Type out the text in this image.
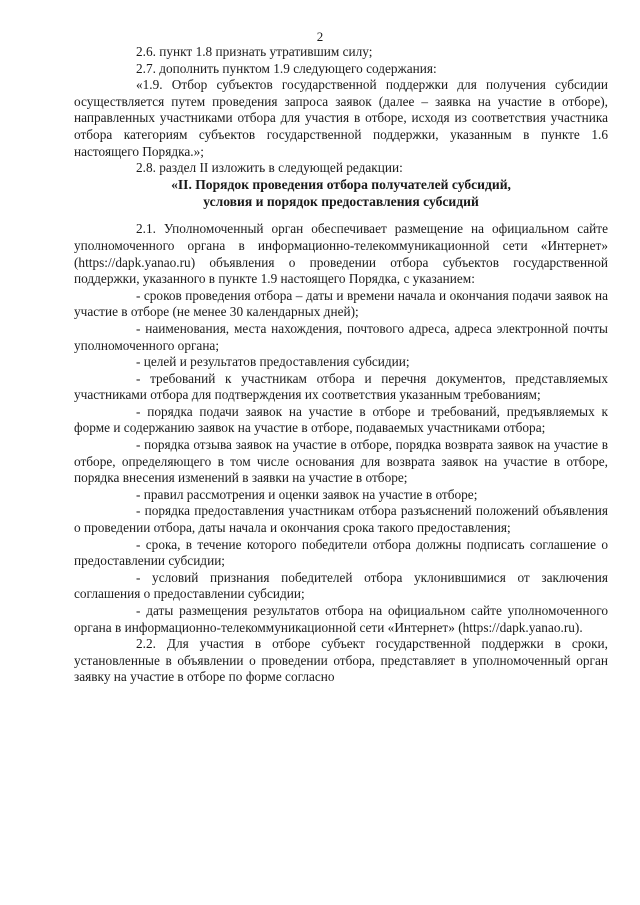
2

2.6. пункт 1.8 признать утратившим силу;

2.7. дополнить пунктом 1.9 следующего содержания:

«1.9. Отбор субъектов государственной поддержки для получения субсидии осуществляется путем проведения запроса заявок (далее – заявка на участие в отборе), направленных участниками отбора для участия в отборе, исходя из соответствия участника отбора категориям субъектов государственной поддержки, указанным в пункте 1.6 настоящего Порядка.»;

2.8. раздел II изложить в следующей редакции:

«II. Порядок проведения отбора получателей субсидий,

условия и порядок предоставления субсидий

2.1. Уполномоченный орган обеспечивает размещение на официальном сайте уполномоченного органа в информационно-телекоммуникационной сети «Интернет» (https://dapk.yanao.ru) объявления о проведении отбора субъектов государственной поддержки, указанного в пункте 1.9 настоящего Порядка, с указанием:

- сроков проведения отбора – даты и времени начала и окончания подачи заявок на участие в отборе (не менее 30 календарных дней);

- наименования, места нахождения, почтового адреса, адреса электронной почты уполномоченного органа;

- целей и результатов предоставления субсидии;

- требований к участникам отбора и перечня документов, представляемых участниками отбора для подтверждения их соответствия указанным требованиям;

- порядка подачи заявок на участие в отборе и требований, предъявляемых к форме и содержанию заявок на участие в отборе, подаваемых участниками отбора;

- порядка отзыва заявок на участие в отборе, порядка возврата заявок на участие в отборе, определяющего в том числе основания для возврата заявок на участие в отборе, порядка внесения изменений в заявки на участие в отборе;

- правил рассмотрения и оценки заявок на участие в отборе;

- порядка предоставления участникам отбора разъяснений положений объявления о проведении отбора, даты начала и окончания срока такого предоставления;

- срока, в течение которого победители отбора должны подписать соглашение о предоставлении субсидии;

- условий признания победителей отбора уклонившимися от заключения соглашения о предоставлении субсидии;

- даты размещения результатов отбора на официальном сайте уполномоченного органа в информационно-телекоммуникационной сети «Интернет» (https://dapk.yanao.ru).

2.2. Для участия в отборе субъект государственной поддержки в сроки, установленные в объявлении о проведении отбора, представляет в уполномоченный орган заявку на участие в отборе по форме согласно
